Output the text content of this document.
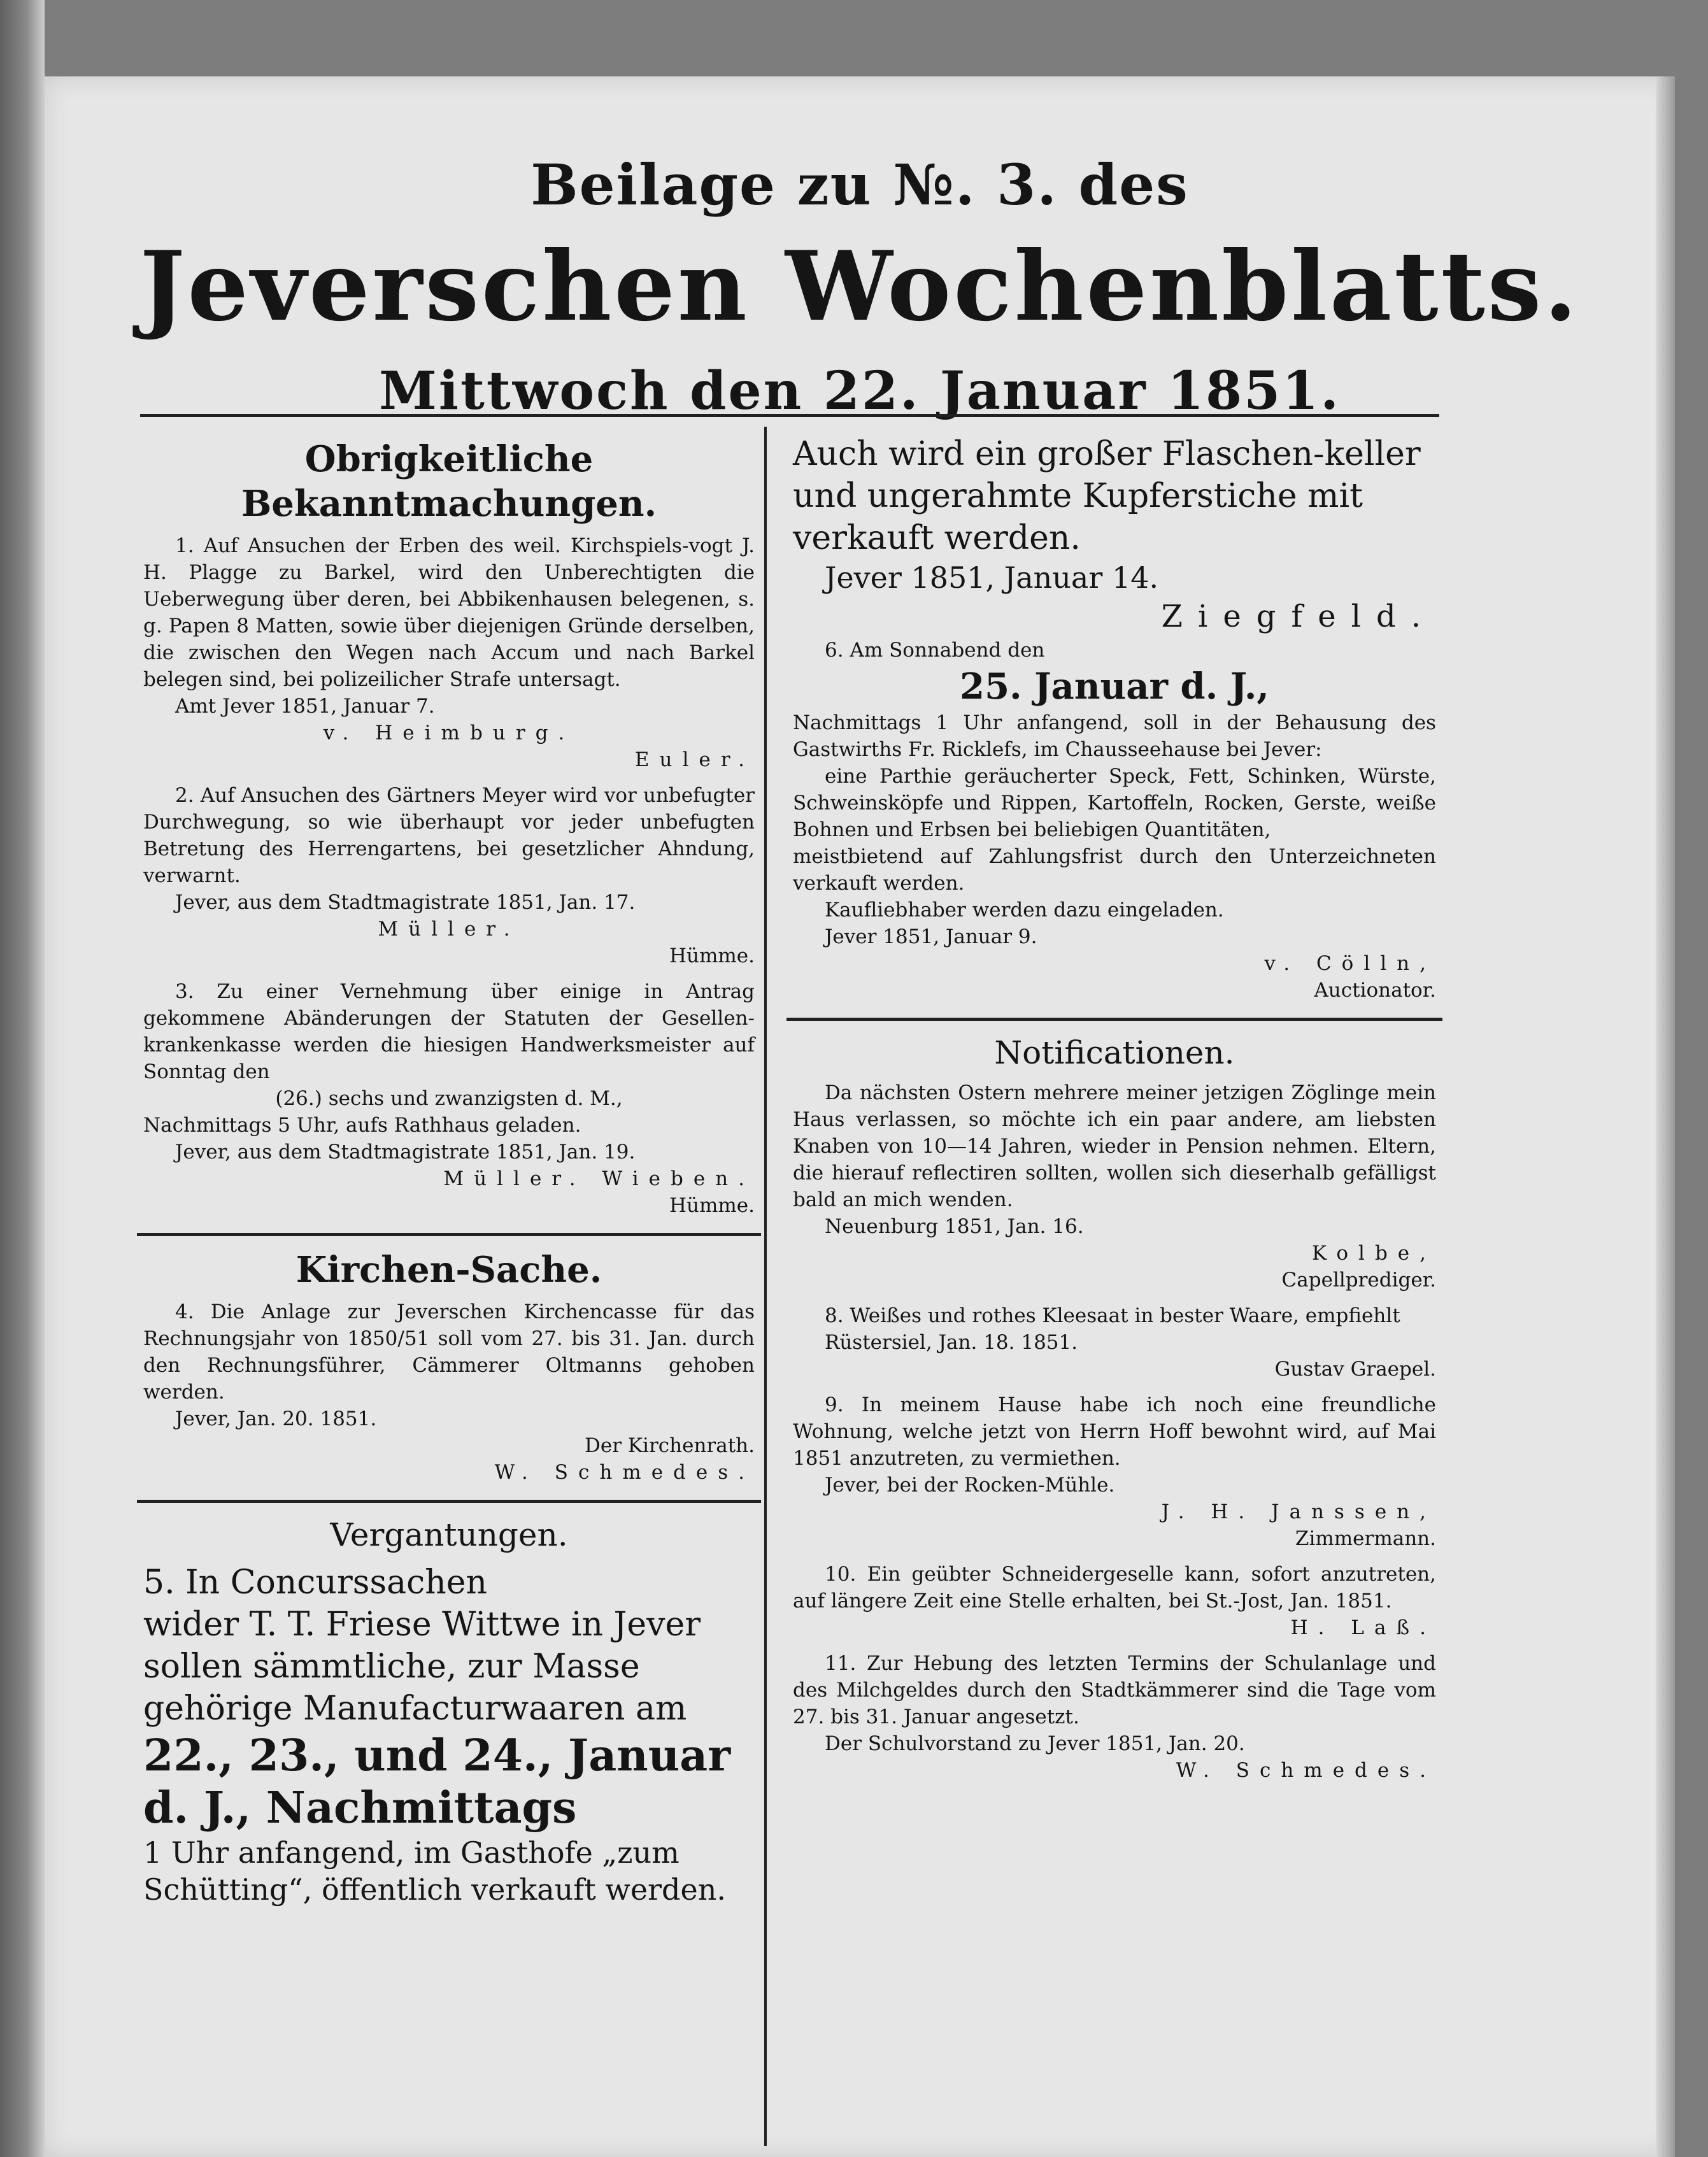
Beilage zu №. 3. des
Jeverschen Wochenblatts.
Mittwoch den 22. Januar 1851.
Obrigkeitliche Bekanntmachungen.

1. Auf Ansuchen der Erben des weil. Kirchspiels-vogt J. H. Plagge zu Barkel, wird den Unberechtigten die Ueberwegung über deren, bei Abbikenhausen belegenen, s. g. Papen 8 Matten, sowie über diejenigen Gründe derselben, die zwischen den Wegen nach Accum und nach Barkel belegen sind, bei polizeilicher Strafe untersagt.

Amt Jever 1851, Januar 7.

v. Heimburg.

Euler.

2. Auf Ansuchen des Gärtners Meyer wird vor unbefugter Durchwegung, so wie überhaupt vor jeder unbefugten Betretung des Herrengartens, bei gesetzlicher Ahndung, verwarnt.

Jever, aus dem Stadtmagistrate 1851, Jan. 17.

Müller.

Hümme.

3. Zu einer Vernehmung über einige in Antrag gekommene Abänderungen der Statuten der Gesellen-krankenkasse werden die hiesigen Handwerksmeister auf Sonntag den

(26.) sechs und zwanzigsten d. M.,

Nachmittags 5 Uhr, aufs Rathhaus geladen.

Jever, aus dem Stadtmagistrate 1851, Jan. 19.

Müller. Wieben.

Hümme.

Kirchen-Sache.

4. Die Anlage zur Jeverschen Kirchencasse für das Rechnungsjahr von 1850/51 soll vom 27. bis 31. Jan. durch den Rechnungsführer, Cämmerer Oltmanns gehoben werden.

Jever, Jan. 20. 1851.

Der Kirchenrath.

W. Schmedes.

Vergantungen.

5. In Concurssachen

wider T. T. Friese Wittwe in Jever

sollen sämmtliche, zur Masse gehörige Manufacturwaaren am

22., 23., und 24., Januar

d. J., Nachmittags

1 Uhr anfangend, im Gasthofe „zum Schütting“, öffentlich verkauft werden.

Auch wird ein großer Flaschen-keller und ungerahmte Kupferstiche mit verkauft werden.

Jever 1851, Januar 14.

Ziegfeld.

6. Am Sonnabend den

25. Januar d. J.,

Nachmittags 1 Uhr anfangend, soll in der Behausung des Gastwirths Fr. Ricklefs, im Chausseehause bei Jever:

eine Parthie geräucherter Speck, Fett, Schinken, Würste, Schweinsköpfe und Rippen, Kartoffeln, Rocken, Gerste, weiße Bohnen und Erbsen bei beliebigen Quantitäten,

meistbietend auf Zahlungsfrist durch den Unterzeichneten verkauft werden.

Kaufliebhaber werden dazu eingeladen.

Jever 1851, Januar 9.

v. Cölln,

Auctionator.

Notificationen.

Da nächsten Ostern mehrere meiner jetzigen Zöglinge mein Haus verlassen, so möchte ich ein paar andere, am liebsten Knaben von 10—14 Jahren, wieder in Pension nehmen. Eltern, die hierauf reflectiren sollten, wollen sich dieserhalb gefälligst bald an mich wenden.

Neuenburg 1851, Jan. 16.

Kolbe,

Capellprediger.

8. Weißes und rothes Kleesaat in bester Waare, empfiehlt

Rüstersiel, Jan. 18. 1851.

Gustav Graepel.

9. In meinem Hause habe ich noch eine freundliche Wohnung, welche jetzt von Herrn Hoff bewohnt wird, auf Mai 1851 anzutreten, zu vermiethen.

Jever, bei der Rocken-Mühle.

J. H. Janssen,

Zimmermann.

10. Ein geübter Schneidergeselle kann, sofort anzutreten, auf längere Zeit eine Stelle erhalten, bei St.-Jost, Jan. 1851.

H. Laß.

11. Zur Hebung des letzten Termins der Schulanlage und des Milchgeldes durch den Stadtkämmerer sind die Tage vom 27. bis 31. Januar angesetzt.

Der Schulvorstand zu Jever 1851, Jan. 20.

W. Schmedes.
